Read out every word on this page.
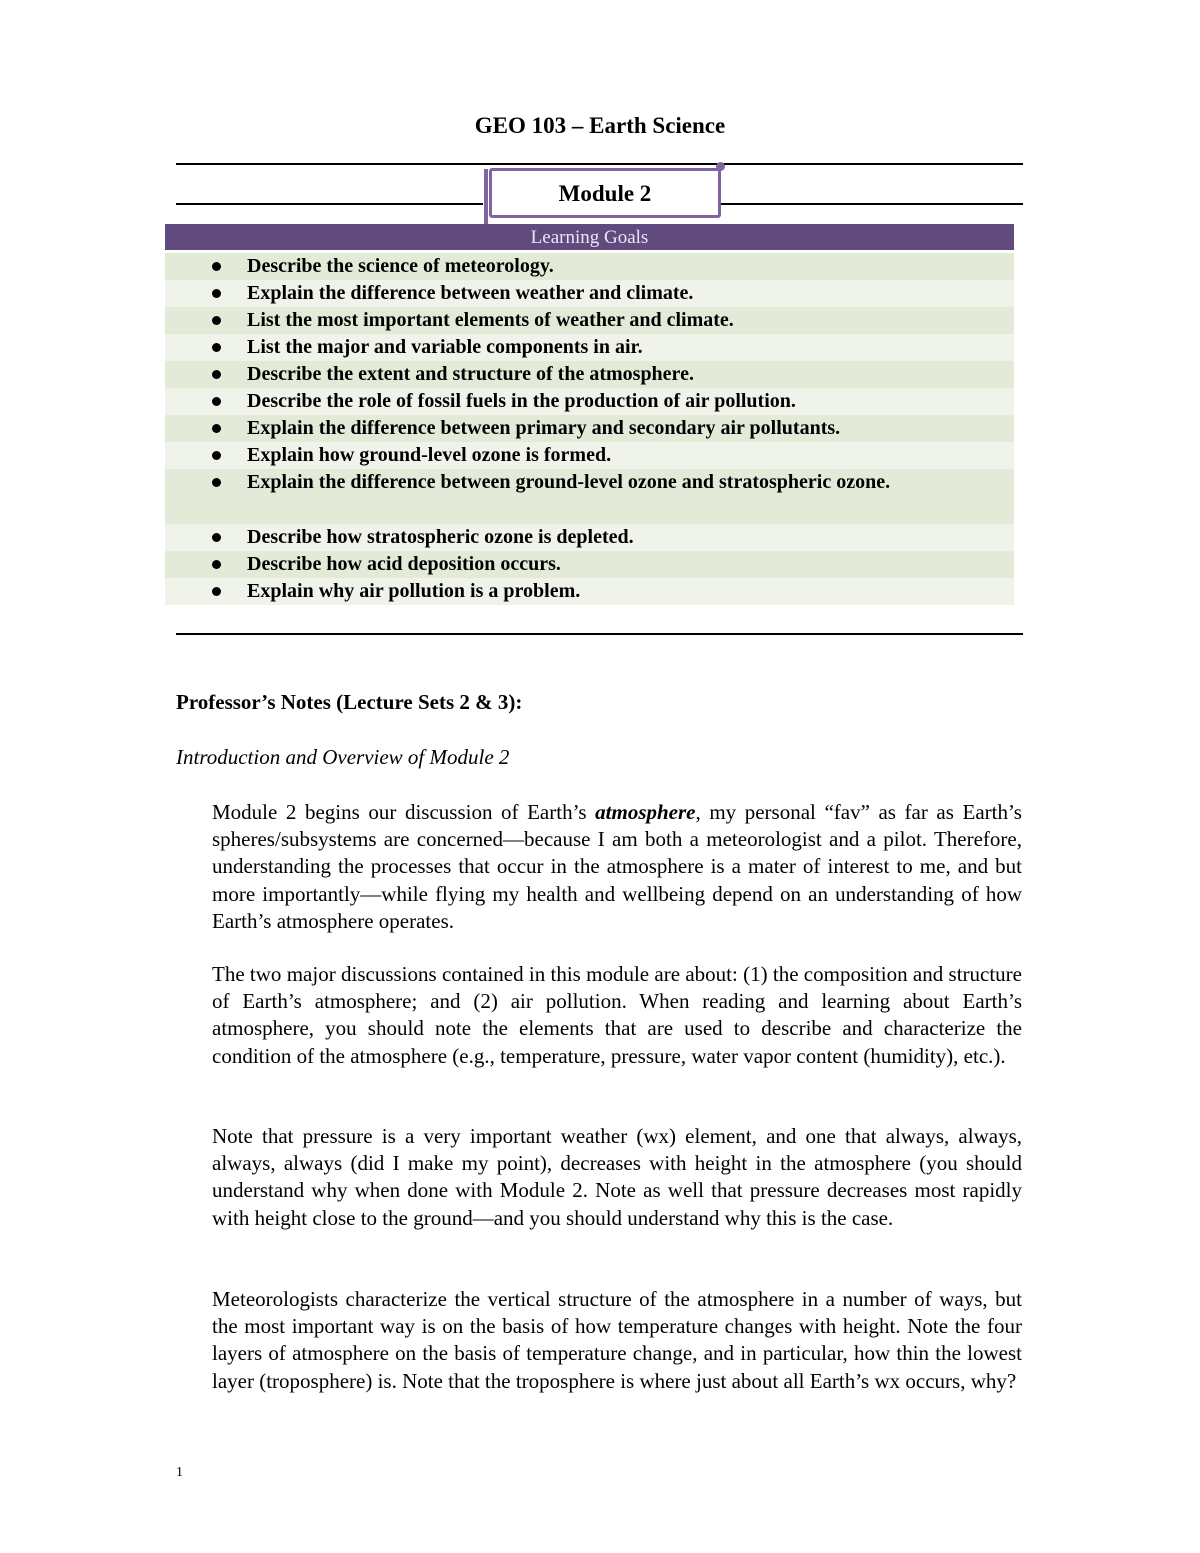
GEO 103 – Earth Science
Module 2
Learning Goals
Describe the science of meteorology.
Explain the difference between weather and climate.
List the most important elements of weather and climate.
List the major and variable components in air.
Describe the extent and structure of the atmosphere.
Describe the role of fossil fuels in the production of air pollution.
Explain the difference between primary and secondary air pollutants.
Explain how ground-level ozone is formed.
Explain the difference between ground-level ozone and stratospheric ozone.
Describe how stratospheric ozone is depleted.
Describe how acid deposition occurs.
Explain why air pollution is a problem.
Professor’s Notes (Lecture Sets 2 & 3):
Introduction and Overview of Module 2

Module 2 begins our discussion of Earth’s atmosphere, my personal “fav” as far as Earth’s spheres/subsystems are concerned—because I am both a meteorologist and a pilot. Therefore, understanding the processes that occur in the atmosphere is a mater of interest to me, and but more importantly—while flying my health and wellbeing depend on an understanding of how Earth’s atmosphere operates.

The two major discussions contained in this module are about: (1) the composition and structure of Earth’s atmosphere; and (2) air pollution. When reading and learning about Earth’s atmosphere, you should note the elements that are used to describe and characterize the condition of the atmosphere (e.g., temperature, pressure, water vapor content (humidity), etc.).

Note that pressure is a very important weather (wx) element, and one that always, always, always, always (did I make my point), decreases with height in the atmosphere (you should understand why when done with Module 2. Note as well that pressure decreases most rapidly with height close to the ground—and you should understand why this is the case.

Meteorologists characterize the vertical structure of the atmosphere in a number of ways, but the most important way is on the basis of how temperature changes with height. Note the four layers of atmosphere on the basis of temperature change, and in particular, how thin the lowest layer (troposphere) is. Note that the troposphere is where just about all Earth’s wx occurs, why?

1
